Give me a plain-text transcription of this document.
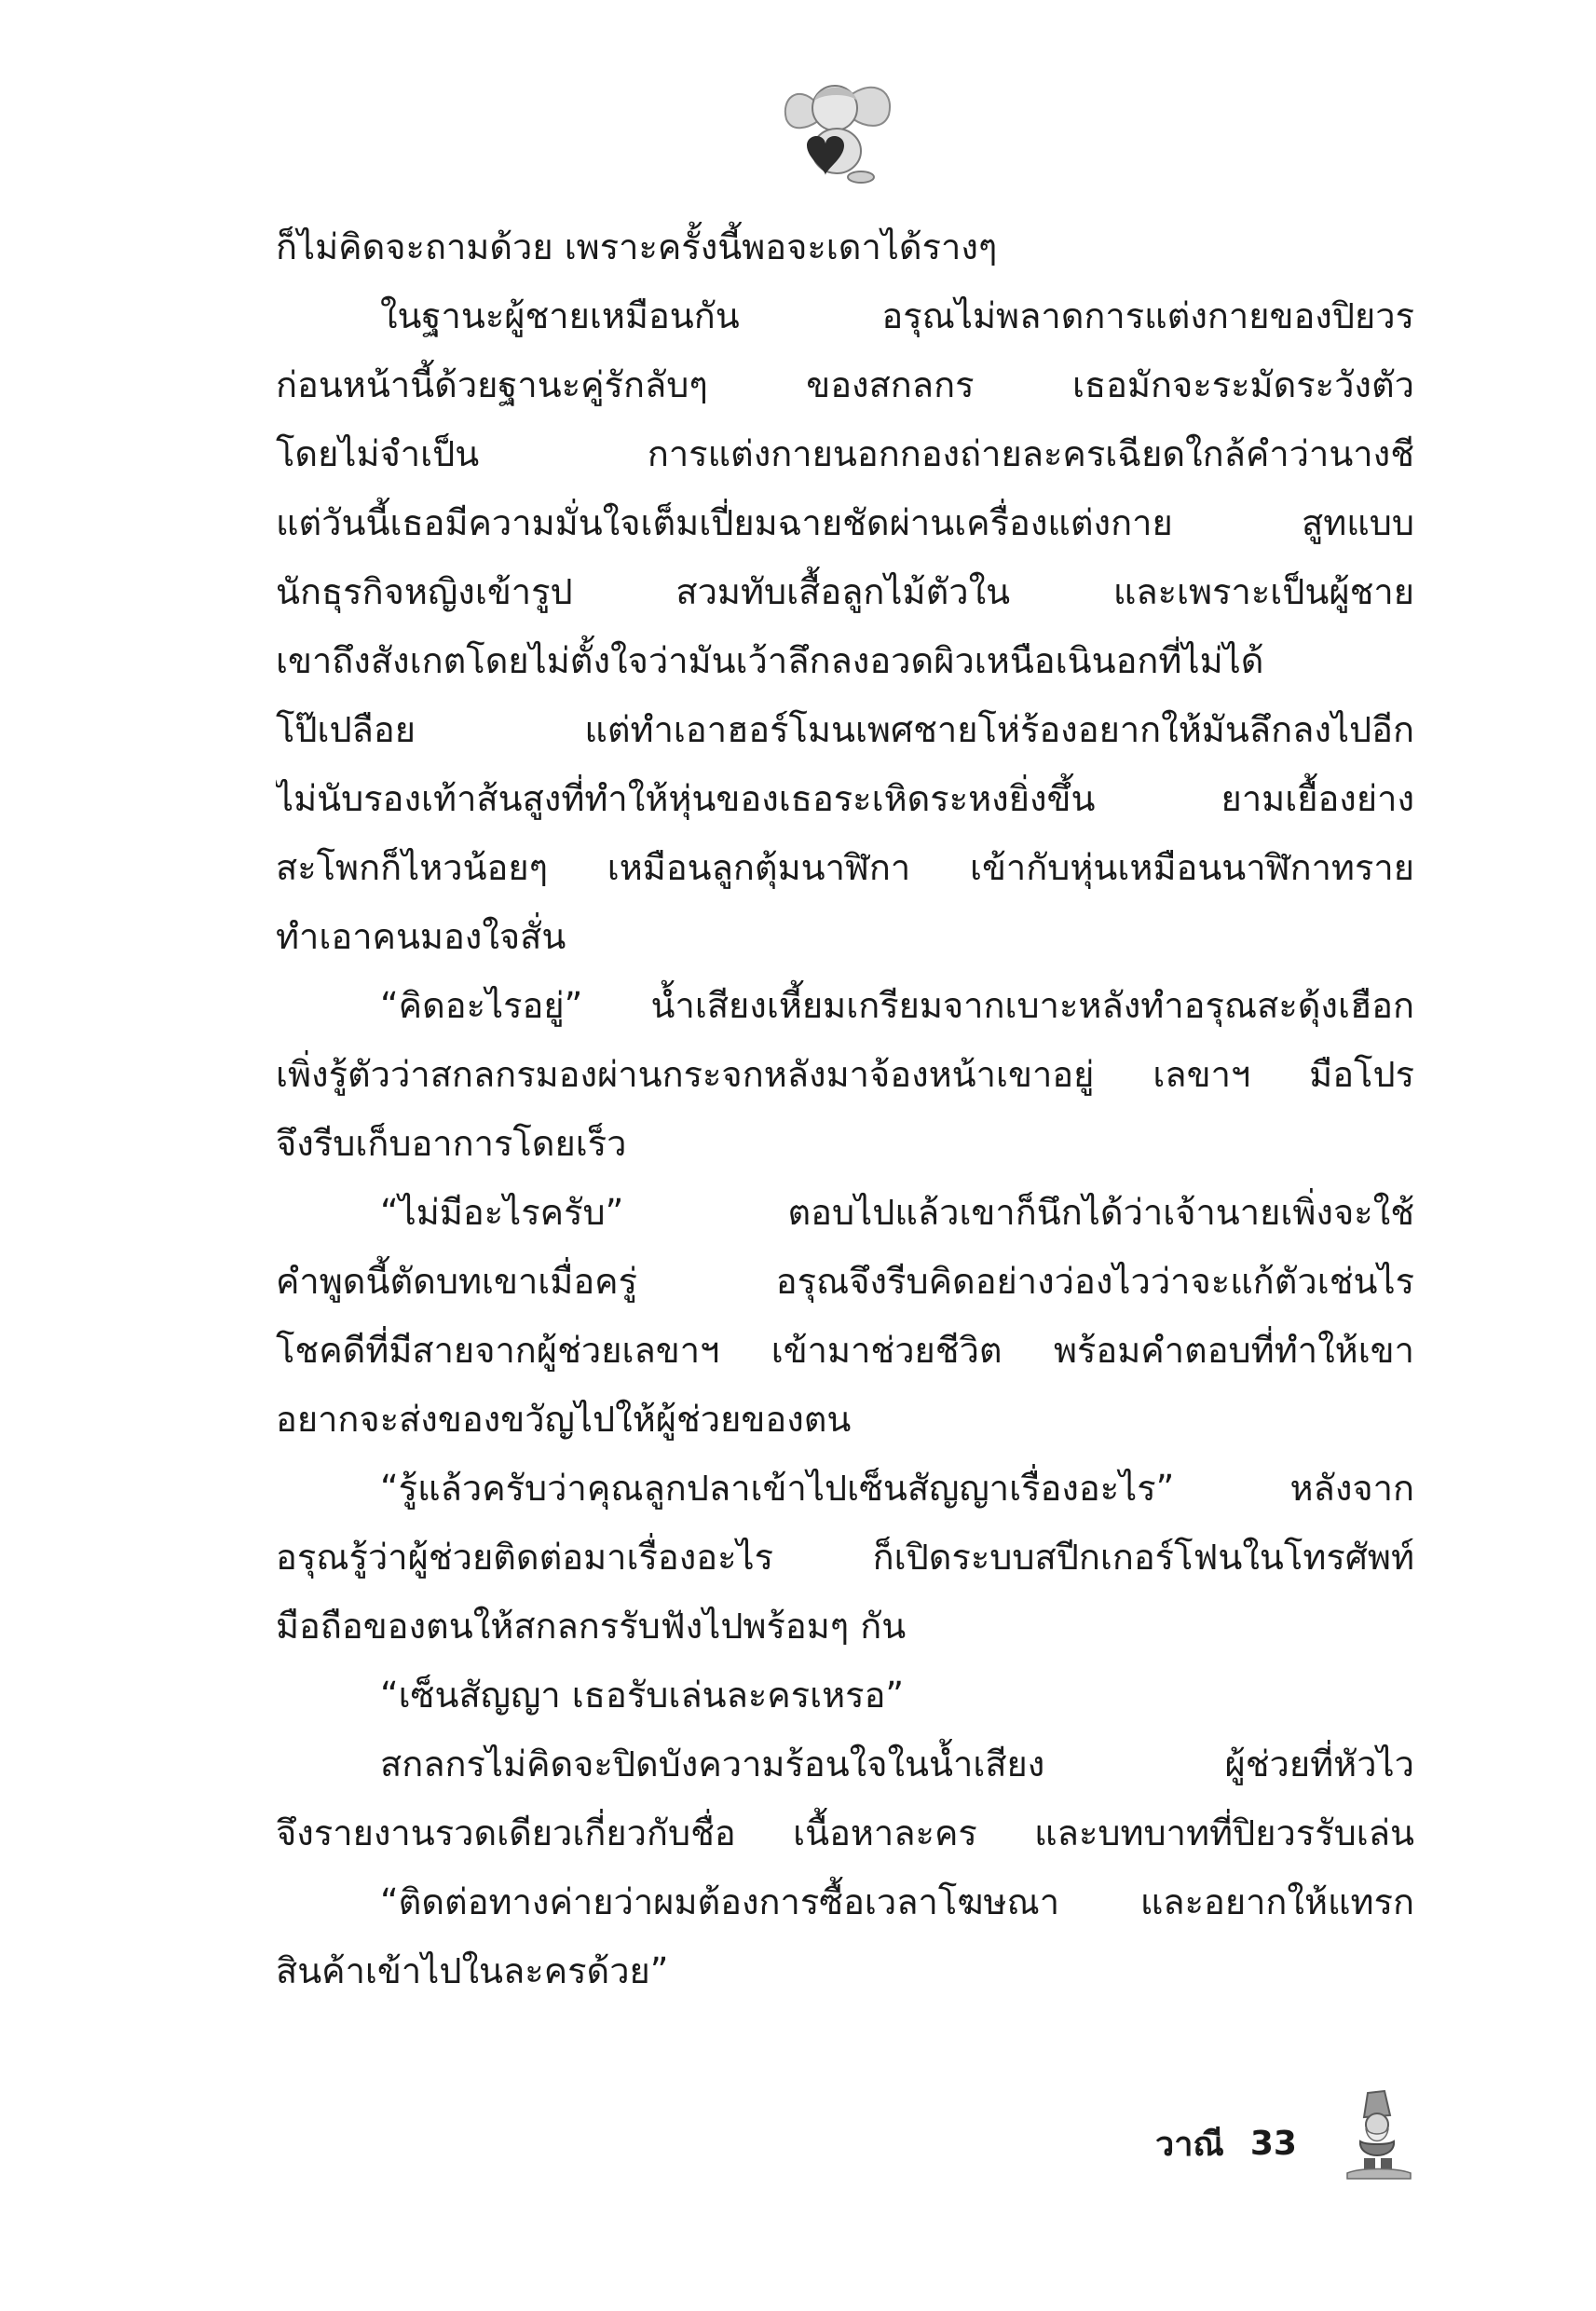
ก็ไม่คิดจะถามด้วย เพราะครั้งนี้พอจะเดาได้รางๆ
ในฐานะผู้ชายเหมือนกัน อรุณไม่พลาดการแต่งกายของปิยวร
ก่อนหน้านี้ด้วยฐานะคู่รักลับๆ ของสกลกร เธอมักจะระมัดระวังตัว
โดยไม่จำเป็น การแต่งกายนอกกองถ่ายละครเฉียดใกล้คำว่านางชี
แต่วันนี้เธอมีความมั่นใจเต็มเปี่ยมฉายชัดผ่านเครื่องแต่งกาย สูทแบบ
นักธุรกิจหญิงเข้ารูป สวมทับเสื้อลูกไม้ตัวใน และเพราะเป็นผู้ชาย
เขาถึงสังเกตโดยไม่ตั้งใจว่ามันเว้าลึกลงอวดผิวเหนือเนินอกที่ไม่ได้
โป๊เปลือย แต่ทำเอาฮอร์โมนเพศชายโห่ร้องอยากให้มันลึกลงไปอีก
ไม่นับรองเท้าส้นสูงที่ทำให้หุ่นของเธอระเหิดระหงยิ่งขึ้น ยามเยื้องย่าง
สะโพกก็ไหวน้อยๆ เหมือนลูกตุ้มนาฬิกา เข้ากับหุ่นเหมือนนาฬิกาทราย
ทำเอาคนมองใจสั่น
“คิดอะไรอยู่” น้ำเสียงเหี้ยมเกรียมจากเบาะหลังทำอรุณสะดุ้งเฮือก
เพิ่งรู้ตัวว่าสกลกรมองผ่านกระจกหลังมาจ้องหน้าเขาอยู่ เลขาฯ มือโปร
จึงรีบเก็บอาการโดยเร็ว
“ไม่มีอะไรครับ” ตอบไปแล้วเขาก็นึกได้ว่าเจ้านายเพิ่งจะใช้
คำพูดนี้ตัดบทเขาเมื่อครู่ อรุณจึงรีบคิดอย่างว่องไวว่าจะแก้ตัวเช่นไร
โชคดีที่มีสายจากผู้ช่วยเลขาฯ เข้ามาช่วยชีวิต พร้อมคำตอบที่ทำให้เขา
อยากจะส่งของขวัญไปให้ผู้ช่วยของตน
“รู้แล้วครับว่าคุณลูกปลาเข้าไปเซ็นสัญญาเรื่องอะไร” หลังจาก
อรุณรู้ว่าผู้ช่วยติดต่อมาเรื่องอะไร ก็เปิดระบบสปีกเกอร์โฟนในโทรศัพท์
มือถือของตนให้สกลกรรับฟังไปพร้อมๆ กัน
“เซ็นสัญญา เธอรับเล่นละครเหรอ”
สกลกรไม่คิดจะปิดบังความร้อนใจในน้ำเสียง ผู้ช่วยที่หัวไว
จึงรายงานรวดเดียวเกี่ยวกับชื่อ เนื้อหาละคร และบทบาทที่ปิยวรรับเล่น
“ติดต่อทางค่ายว่าผมต้องการซื้อเวลาโฆษณา และอยากให้แทรก
สินค้าเข้าไปในละครด้วย”
วาณี 33
